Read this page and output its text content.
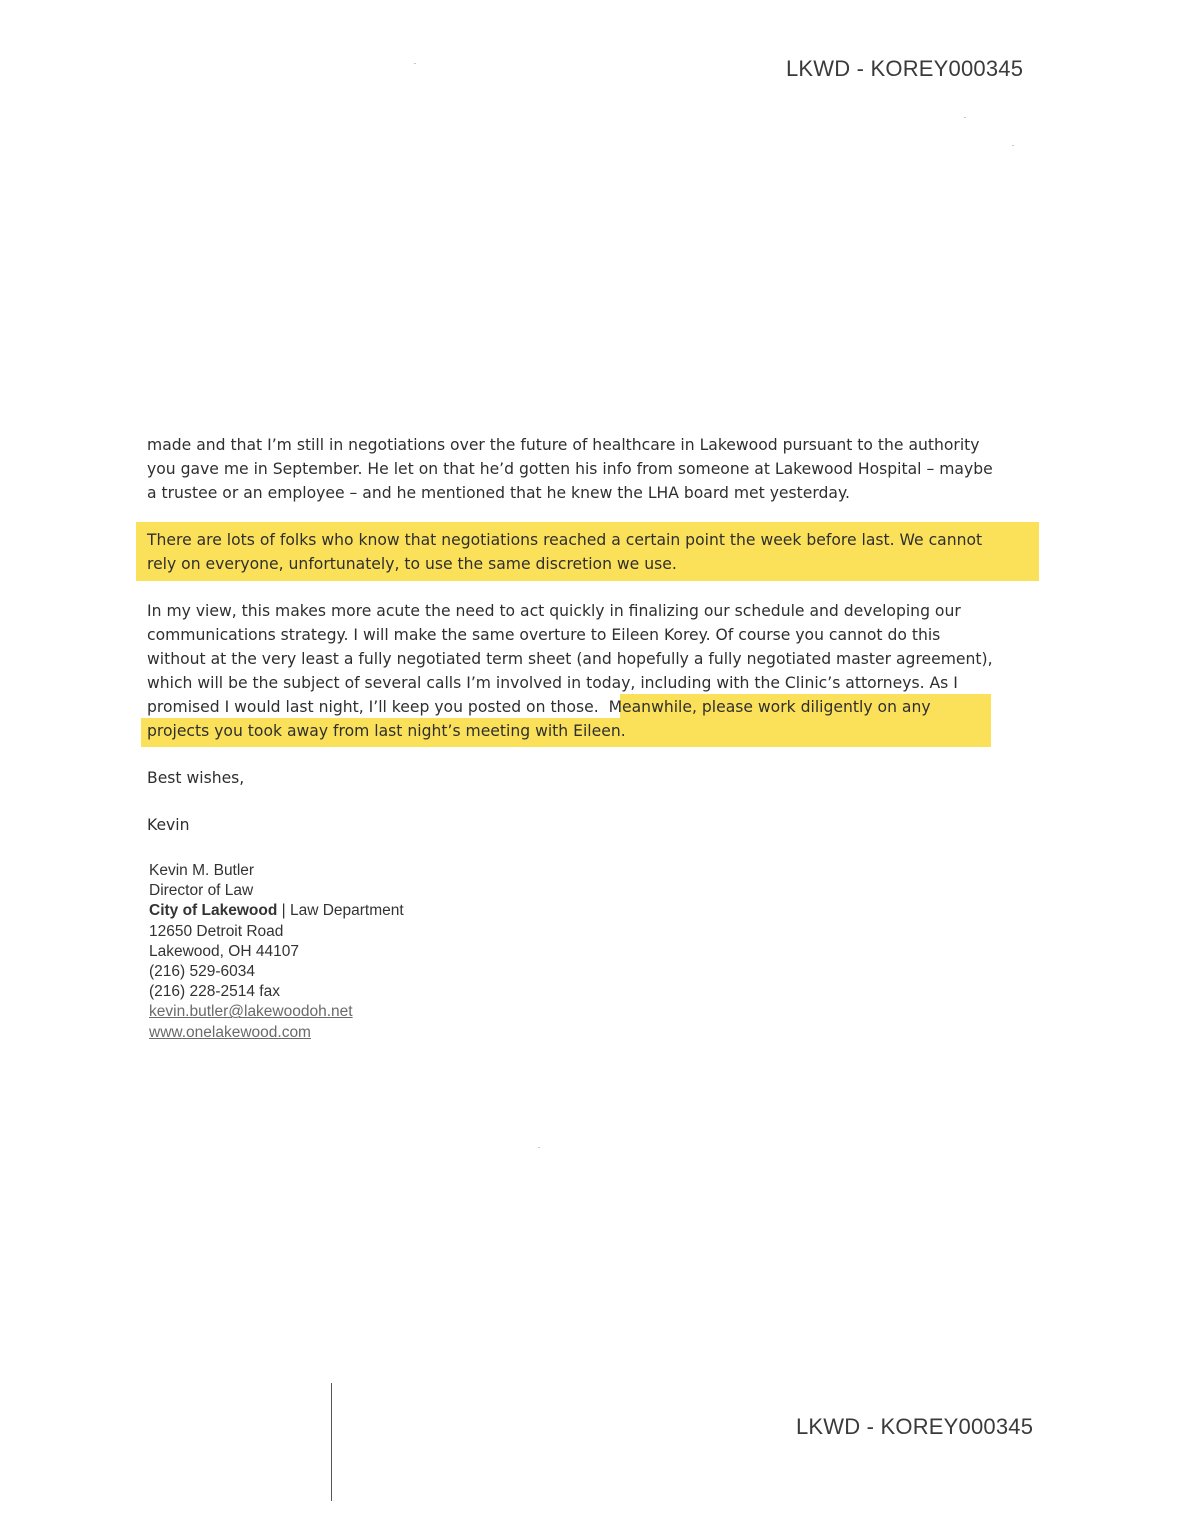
LKWD - KOREY000345
made and that I’m still in negotiations over the future of healthcare in Lakewood pursuant to the authority
you gave me in September. He let on that he’d gotten his info from someone at Lakewood Hospital – maybe
a trustee or an employee – and he mentioned that he knew the LHA board met yesterday.
There are lots of folks who know that negotiations reached a certain point the week before last. We cannot
rely on everyone, unfortunately, to use the same discretion we use.
In my view, this makes more acute the need to act quickly in finalizing our schedule and developing our
communications strategy. I will make the same overture to Eileen Korey. Of course you cannot do this
without at the very least a fully negotiated term sheet (and hopefully a fully negotiated master agreement),
which will be the subject of several calls I’m involved in today, including with the Clinic’s attorneys. As I
promised I would last night, I’ll keep you posted on those. Meanwhile, please work diligently on any
projects you took away from last night’s meeting with Eileen.
Best wishes,
Kevin
Kevin M. Butler
Director of Law
City of Lakewood | Law Department
12650 Detroit Road
Lakewood, OH 44107
(216) 529-6034
(216) 228-2514 fax
kevin.butler@lakewoodoh.net
www.onelakewood.com
LKWD - KOREY000345
